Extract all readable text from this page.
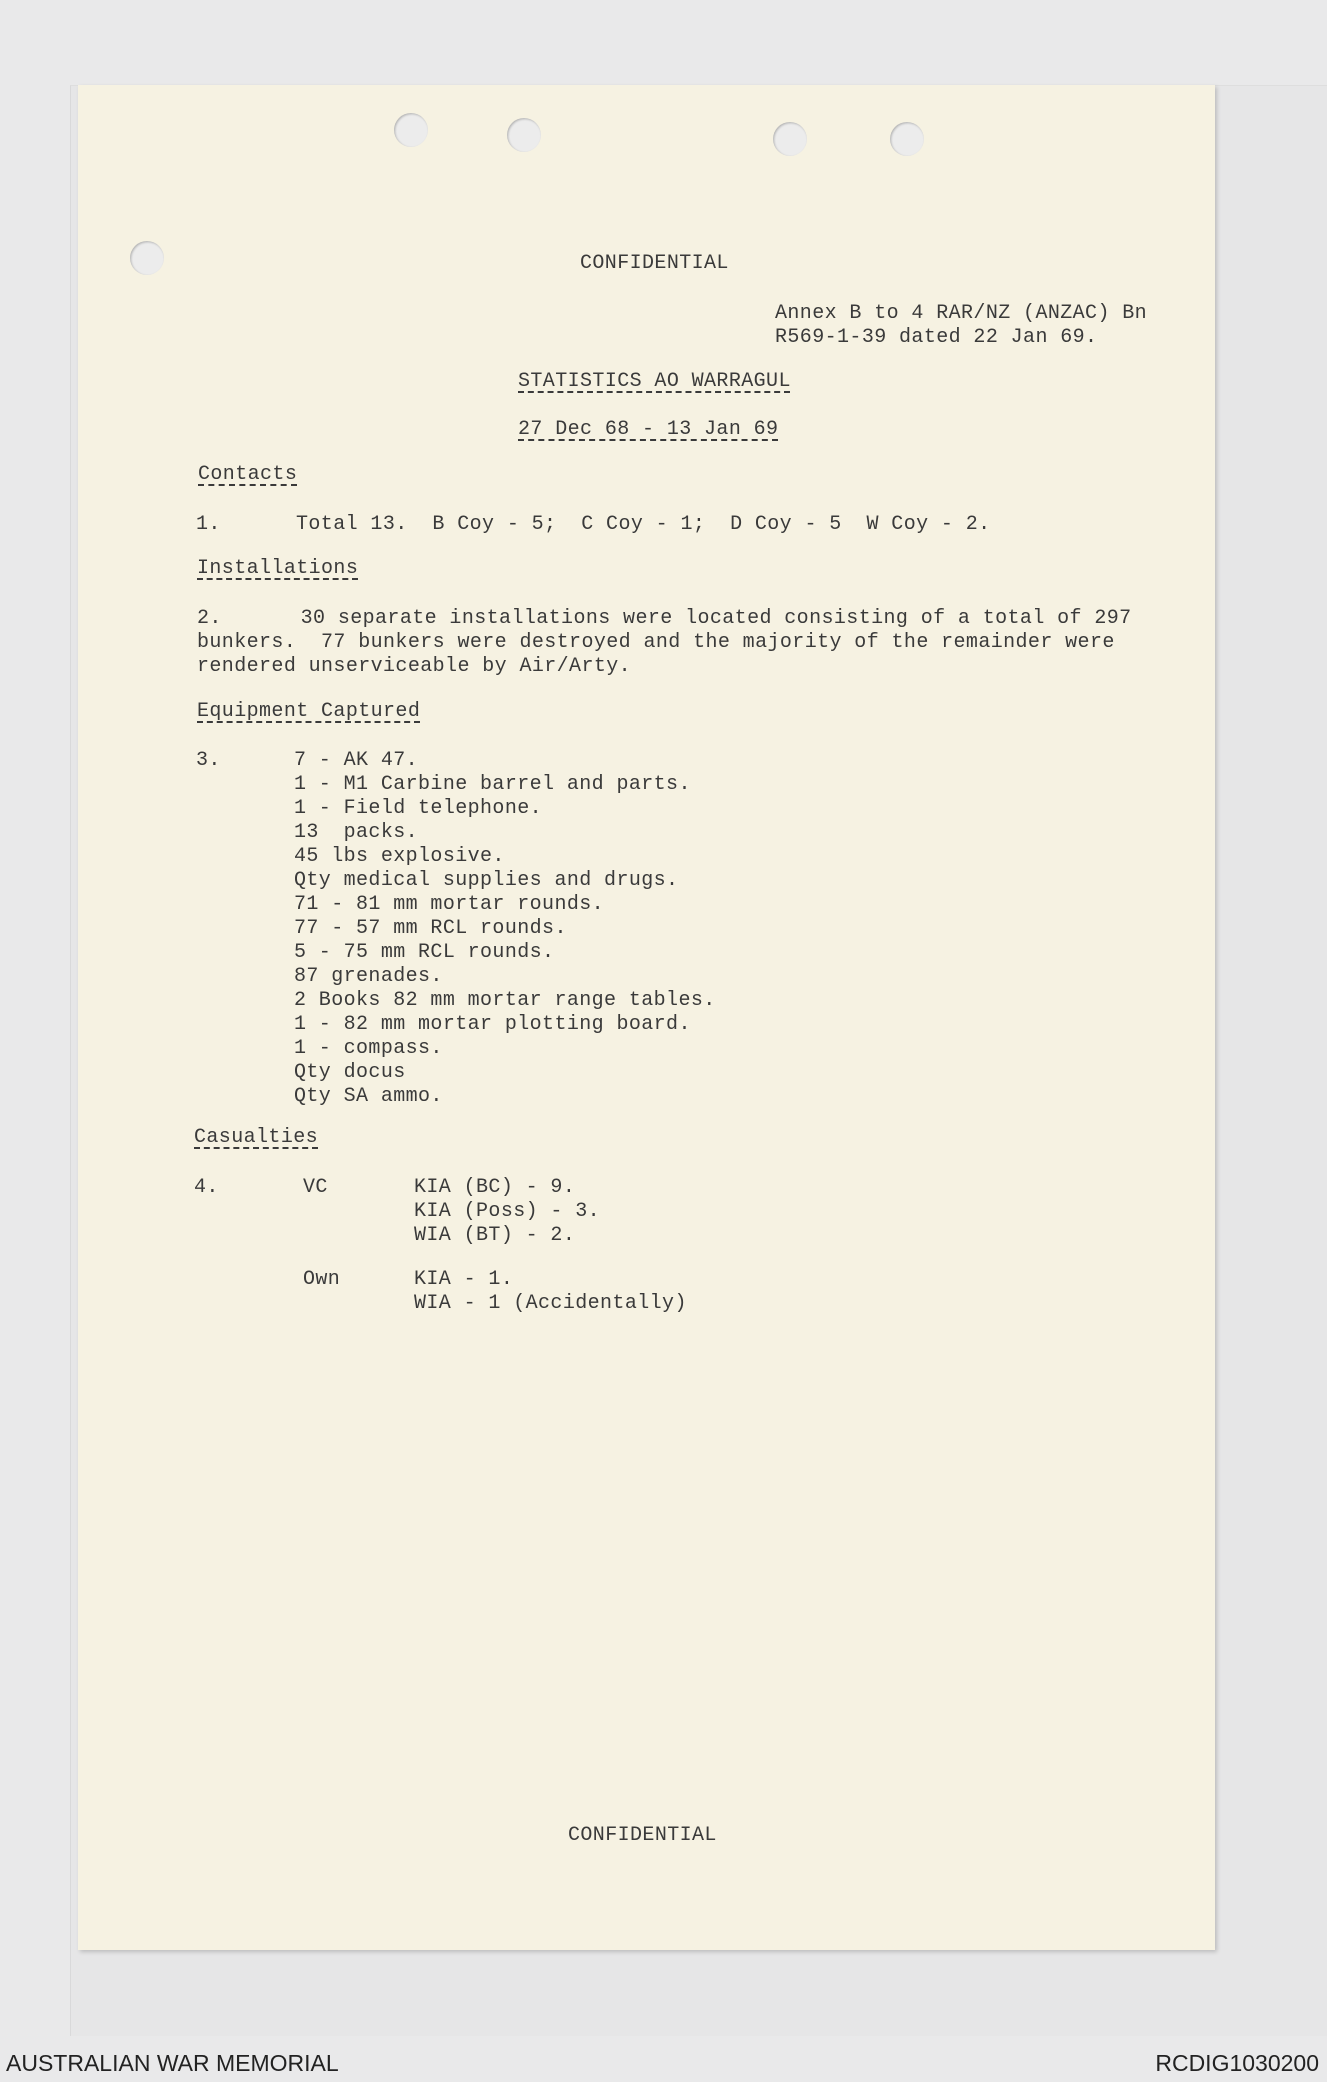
CONFIDENTIAL
Annex B to 4 RAR/NZ (ANZAC) Bn
R569-1-39 dated 22 Jan 69.
STATISTICS AO WARRAGUL
27 Dec 68 - 13 Jan 69
Contacts
1.	Total 13.  B Coy - 5;  C Coy - 1;  D Coy - 5  W Coy - 2.
Installations
2. 30 separate installations were located consisting of a total of 297
bunkers.  77 bunkers were destroyed and the majority of the remainder were
rendered unserviceable by Air/Arty.
Equipment Captured
3.	7 - AK 47.
1 - M1 Carbine barrel and parts.
1 - Field telephone.
13  packs.
45 lbs explosive.
Qty medical supplies and drugs.
71 - 81 mm mortar rounds.
77 - 57 mm RCL rounds.
5 - 75 mm RCL rounds.
87 grenades.
2 Books 82 mm mortar range tables.
1 - 82 mm mortar plotting board.
1 - compass.
Qty docus
Qty SA ammo.
Casualties
4.	VC	KIA (BC) - 9.
KIA (Poss) - 3.
WIA (BT) - 2.
Own	KIA - 1.
WIA - 1 (Accidentally)
CONFIDENTIAL
AUSTRALIAN WAR MEMORIAL	RCDIG1030200
